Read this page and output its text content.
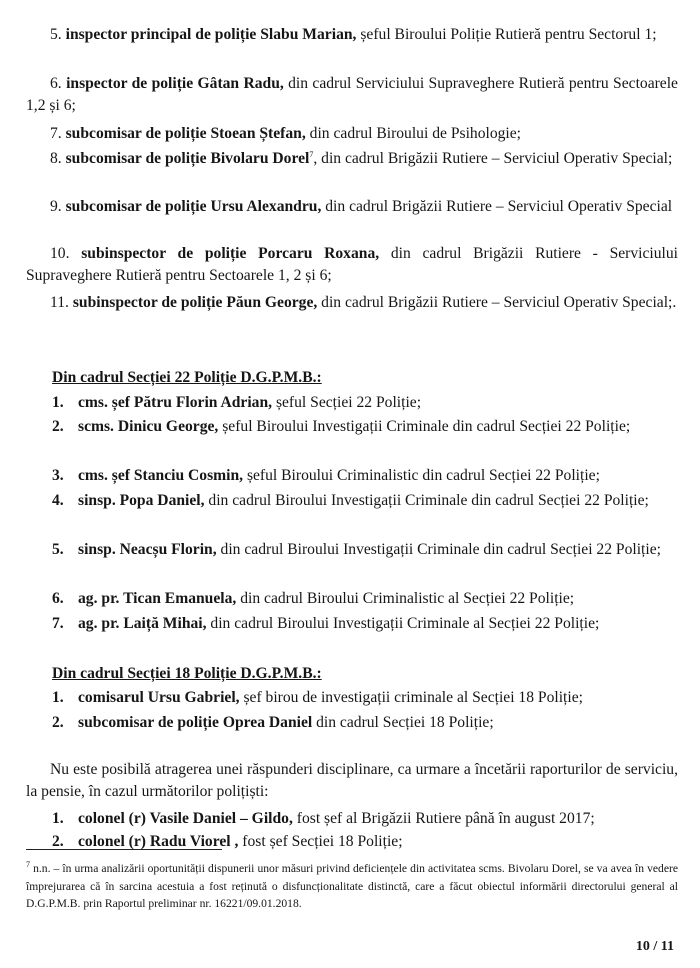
5. inspector principal de poliție Slabu Marian, șeful Biroului Poliție Rutieră pentru Sectorul 1;

6. inspector de poliție Gâtan Radu, din cadrul Serviciului Supraveghere Rutieră pentru Sectoarele 1,2 și 6;

7. subcomisar de poliție Stoean Ștefan, din cadrul Biroului de Psihologie;

8. subcomisar de poliție Bivolaru Dorel$^7$, din cadrul Brigăzii Rutiere – Serviciul Operativ Special;

9. subcomisar de poliție Ursu Alexandru, din cadrul Brigăzii Rutiere – Serviciul Operativ Special

10. subinspector de poliție Porcaru Roxana, din cadrul Brigăzii Rutiere - Serviciului Supraveghere Rutieră pentru Sectoarele 1, 2 și 6;

11. subinspector de poliție Păun George, din cadrul Brigăzii Rutiere – Serviciul Operativ Special;.

Din cadrul Secției 22 Poliție D.G.P.M.B.:

1. cms. șef Pătru Florin Adrian, șeful Secției 22 Poliție;
2. scms. Dinicu George, șeful Biroului Investigații Criminale din cadrul Secției 22 Poliție;
3. cms. șef Stanciu Cosmin, șeful Biroului Criminalistic din cadrul Secției 22 Poliție;
4. sinsp. Popa Daniel, din cadrul Biroului Investigații Criminale din cadrul Secției 22 Poliție;
5. sinsp. Neacșu Florin, din cadrul Biroului Investigații Criminale din cadrul Secției 22 Poliție;
6. ag. pr. Tican Emanuela, din cadrul Biroului Criminalistic al Secției 22 Poliție;
7. ag. pr. Laiță Mihai, din cadrul Biroului Investigații Criminale al Secției 22 Poliție;

Din cadrul Secției 18 Poliție D.G.P.M.B.:

1. comisarul Ursu Gabriel, șef birou de investigații criminale al Secției 18 Poliție;
2. subcomisar de poliție Oprea Daniel din cadrul Secției 18 Poliție;

Nu este posibilă atragerea unei răspunderi disciplinare, ca urmare a încetării raporturilor de serviciu, la pensie, în cazul următorilor polițiști:

1. colonel (r) Vasile Daniel – Gildo, fost șef al Brigăzii Rutiere până în august 2017;
2. colonel (r) Radu Viorel , fost șef Secției 18 Poliție;

$^7$ n.n. – în urma analizării oportunității dispunerii unor măsuri privind deficiențele din activitatea scms. Bivolaru Dorel, se va avea în vedere împrejurarea că în sarcina acestuia a fost reținută o disfuncționalitate distinctă, care a făcut obiectul informării directorului general al D.G.P.M.B. prin Raportul preliminar nr. 16221/09.01.2018.

10 / 11
